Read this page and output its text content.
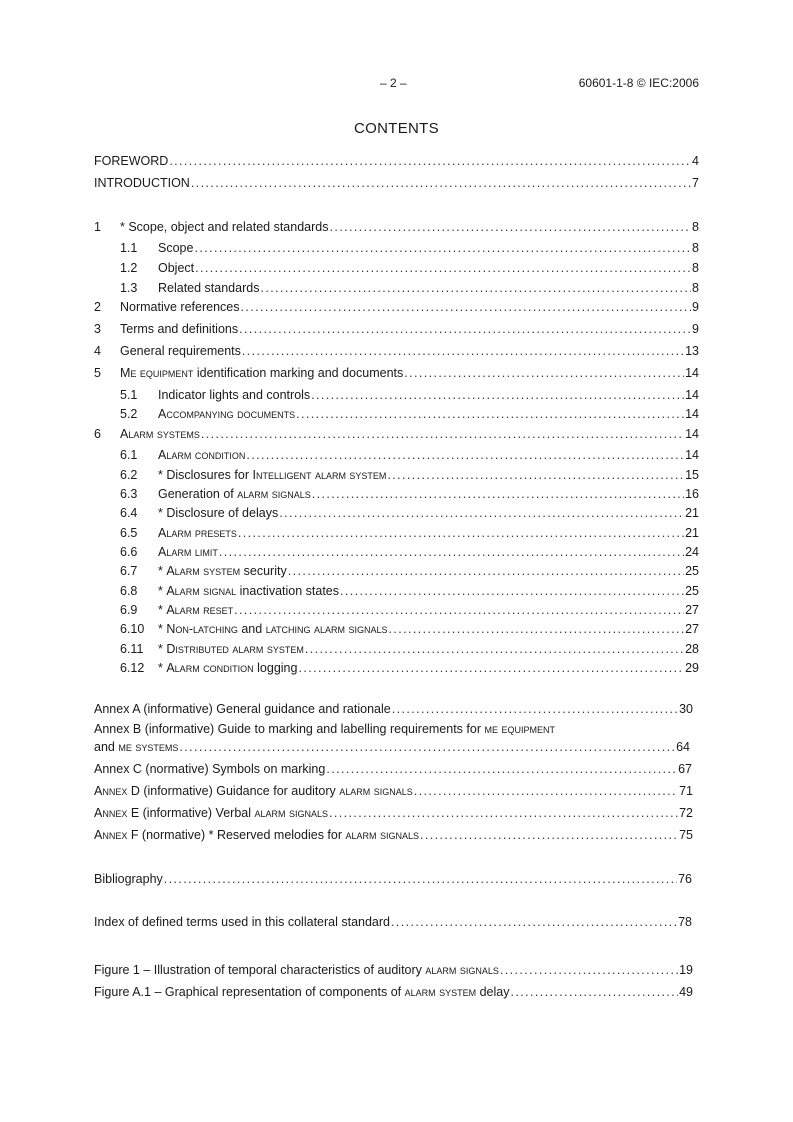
– 2 –	60601-1-8 © IEC:2006
CONTENTS
FOREWORD .....	4
INTRODUCTION .....	7
1	* Scope, object and related standards .....	8
1.1	Scope .....	8
1.2	Object .....	8
1.3	Related standards .....	8
2	Normative references .....	9
3	Terms and definitions .....	9
4	General requirements .....	13
5	Me equipment identification marking and documents .....	14
5.1	Indicator lights and controls .....	14
5.2	Accompanying documents .....	14
6	Alarm systems .....	14
6.1	Alarm condition .....	14
6.2	* Disclosures for Intelligent alarm system .....	15
6.3	Generation of alarm signals .....	16
6.4	* Disclosure of delays .....	21
6.5	Alarm presets .....	21
6.6	Alarm limit .....	24
6.7	* Alarm system security .....	25
6.8	* Alarm signal inactivation states .....	25
6.9	* Alarm reset .....	27
6.10	* Non-latching and latching alarm signals .....	27
6.11	* Distributed alarm system .....	28
6.12	* Alarm condition logging .....	29
Annex A (informative) General guidance and rationale .....	30
Annex B (informative) Guide to marking and labelling requirements for me equipment
and me systems .....	64
Annex C (normative) Symbols on marking .....	67
Annex D (informative) Guidance for auditory alarm signals .....	71
Annex E (informative) Verbal alarm signals .....	72
Annex F (normative) * Reserved melodies for alarm signals .....	75
Bibliography .....	76
Index of defined terms used in this collateral standard .....	78
Figure 1 – Illustration of temporal characteristics of auditory alarm signals .....	19
Figure A.1 – Graphical representation of components of alarm system delay .....	49
